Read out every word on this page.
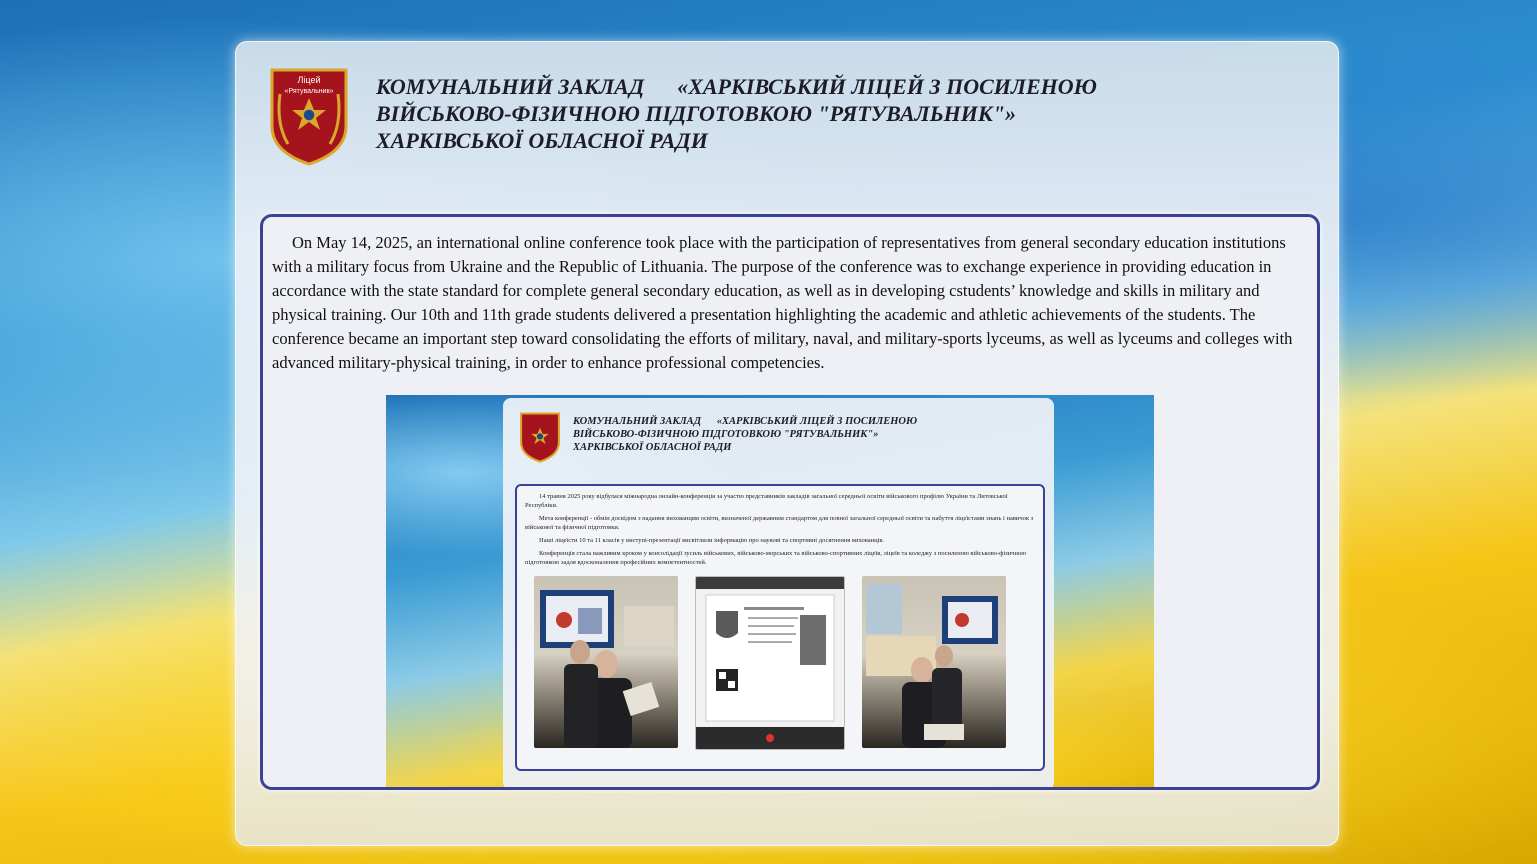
Ліцей
«Рятувальник» КОМУНАЛЬНИЙ ЗАКЛАД      «ХАРКІВСЬКИЙ ЛІЦЕЙ З ПОСИЛЕНОЮ
ВІЙСЬКОВО-ФІЗИЧНОЮ ПІДГОТОВКОЮ "РЯТУВАЛЬНИК"»
ХАРКІВСЬКОЇ ОБЛАСНОЇ РАДИ

On May 14, 2025, an international online conference took place with the participation of representatives from general secondary education institutions with a military focus from Ukraine and the Republic of Lithuania. The purpose of the conference was to exchange experience in providing education in accordance with the state standard for complete general secondary education, as well as in developing cstudents’ knowledge and skills in military and physical training. Our 10th and 11th grade students delivered a presentation highlighting the academic and athletic achievements of the students. The conference became an important step toward consolidating the efforts of military, naval, and military-sports lyceums, as well as lyceums and colleges with advanced military-physical training, in order to enhance professional competencies.

КОМУНАЛЬНИЙ ЗАКЛАД      «ХАРКІВСЬКИЙ ЛІЦЕЙ З ПОСИЛЕНОЮ
ВІЙСЬКОВО-ФІЗИЧНОЮ ПІДГОТОВКОЮ "РЯТУВАЛЬНИК"»
ХАРКІВСЬКОЇ ОБЛАСНОЇ РАДИ

14 травня 2025 року відбулася міжнародна онлайн-конференція за участю представників закладів загальної середньої освіти військового профілю України та Литовської Республіки.

Мета конференції - обмін досвідом з надання вихованцям освіти, визначеної державним стандартом для повної загальної середньої освіти та набуття ліцеїстами знань і навичок з військової та фізичної підготовки.

Наші ліцеїсти 10 та 11 класів у виступі-презентації висвітлили інформацію про наукові та спортивні досягнення вихованців.

Конференція стала важливим кроком у консолідації зусиль військових, військово-морських та військово-спортивних ліцеїв, ліцеїв та коледжу з посиленою військово-фізичною підготовкою задля вдосконалення професійних компетентностей.
